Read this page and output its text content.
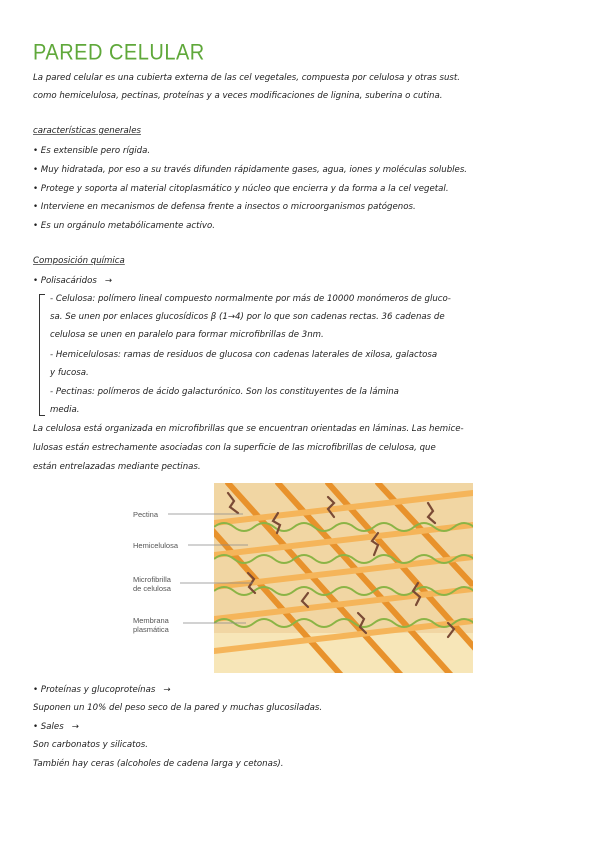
PARED CELULAR
La pared celular es una cubierta externa de las cel vegetales, compuesta por celulosa y otras sust.
como hemicelulosa, pectinas, proteínas y a veces modificaciones de lignina, suberina o cutina.
características generales
• Es extensible pero rígida.
• Muy hidratada, por eso a su través difunden rápidamente gases, agua, iones y moléculas solubles.
• Protege y soporta al material citoplasmático y núcleo que encierra y da forma a la cel vegetal.
• Interviene en mecanismos de defensa frente a insectos o microorganismos patógenos.
• Es un orgánulo metabólicamente activo.
Composición química
• Polisacáridos →
- Celulosa: polímero lineal compuesto normalmente por más de 10000 monómeros de gluco-
sa. Se unen por enlaces glucosídicos β (1→4) por lo que son cadenas rectas. 36 cadenas de
celulosa se unen en paralelo para formar microfibrillas de 3nm.
- Hemicelulosas: ramas de residuos de glucosa con cadenas laterales de xilosa, galactosa
y fucosa.
- Pectinas: polímeros de ácido galacturónico. Son los constituyentes de la lámina
media.
La celulosa está organizada en microfibrillas que se encuentran orientadas en láminas. Las hemice-
lulosas están estrechamente asociadas con la superficie de las microfibrillas de celulosa, que
están entrelazadas mediante pectinas.
Pectina
Hemicelulosa
Microfibrilla
de celulosa
Membrana
plasmática
• Proteínas y glucoproteínas →
Suponen un 10% del peso seco de la pared y muchas glucosiladas.
• Sales →
Son carbonatos y silicatos.
También hay ceras (alcoholes de cadena larga y cetonas).
